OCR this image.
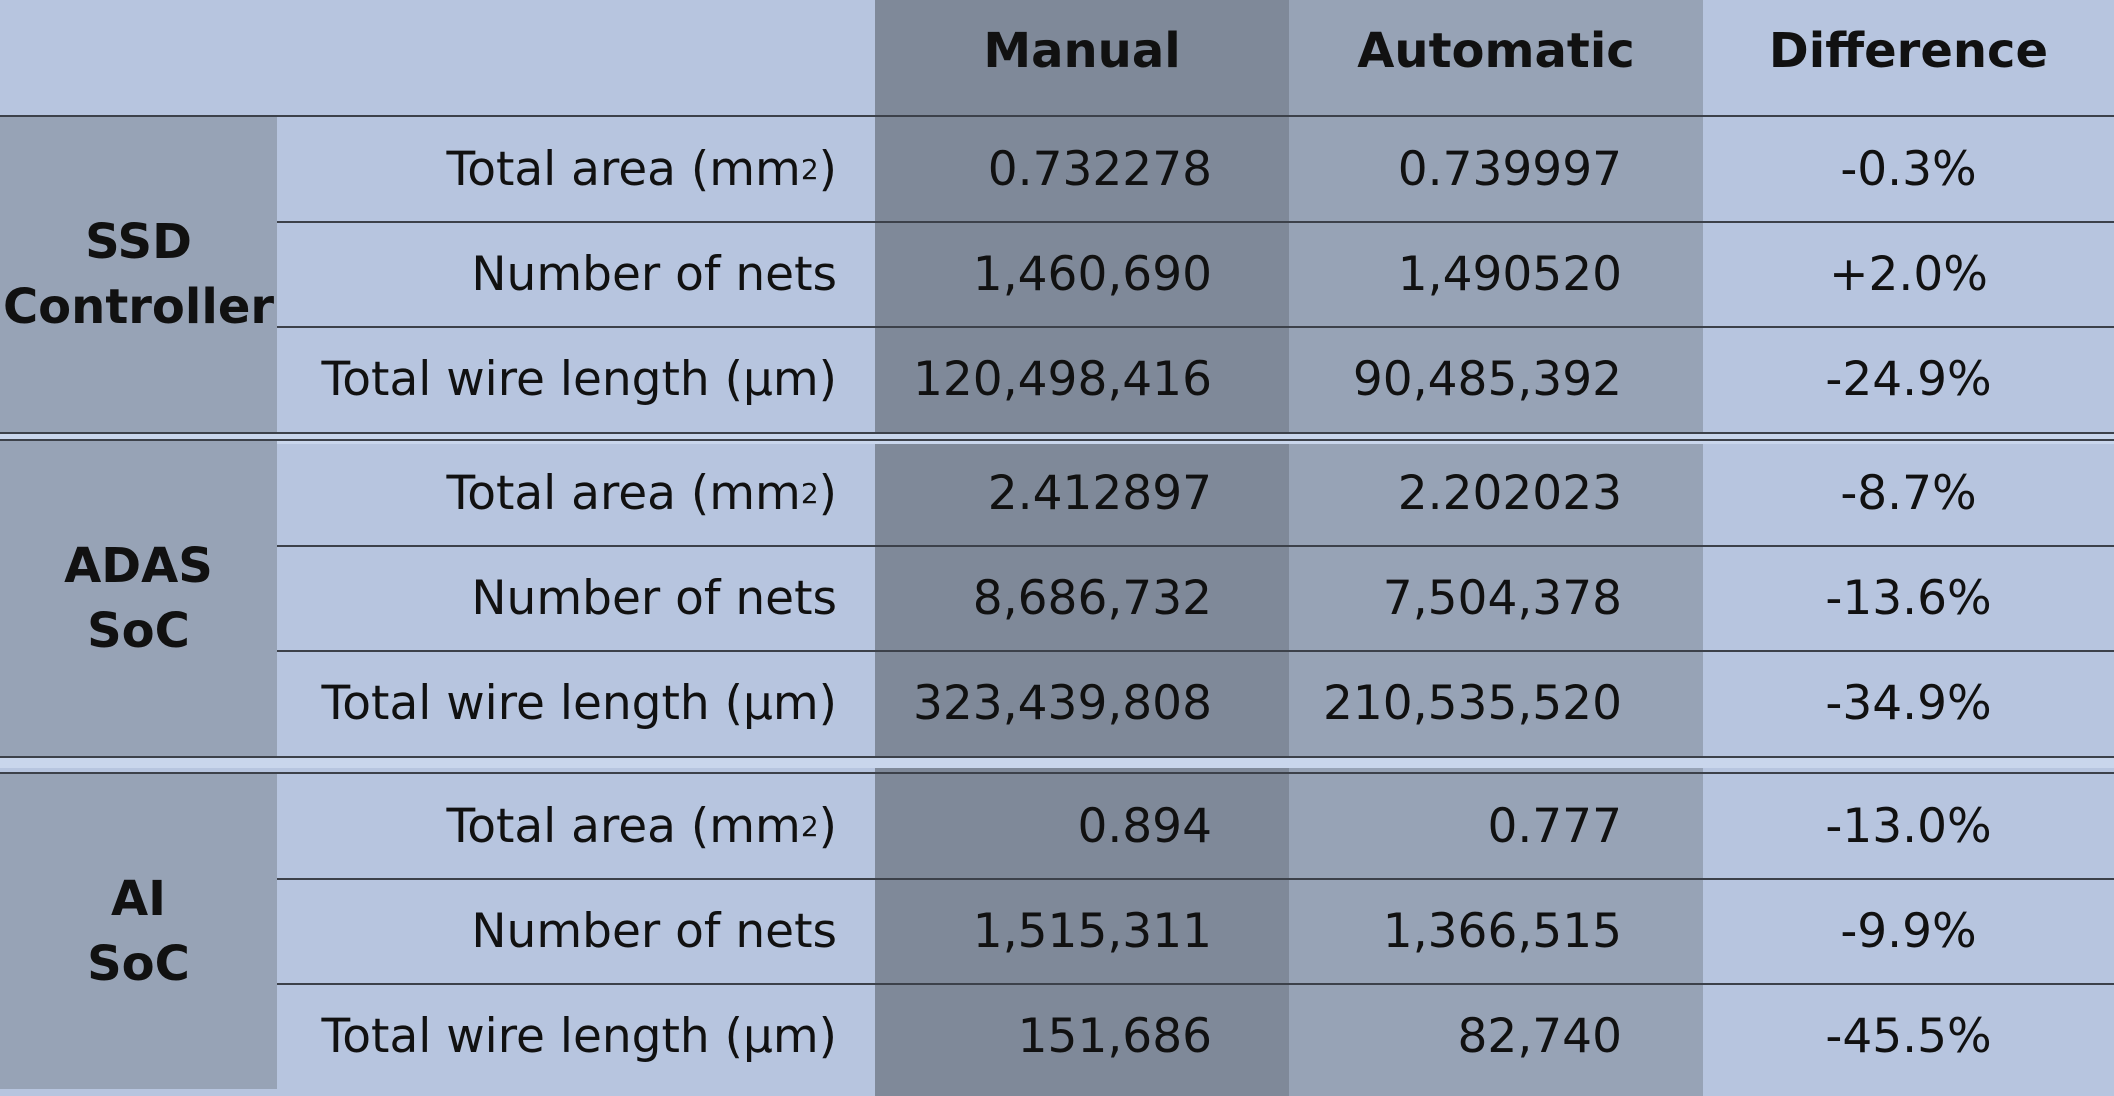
Manual	Automatic	Difference
SSD
Controller
Total area (mm 2 )	0.732278	0.739997	-0.3%
Number of nets	1,460,690	1,490520	+2.0%
Total wire length (µm)	120,498,416	90,485,392	-24.9%
ADAS
SoC
Total area (mm 2 )	2.412897	2.202023	-8.7%
Number of nets	8,686,732	7,504,378	-13.6%
Total wire length (µm)	323,439,808	210,535,520	-34.9%
AI
SoC
Total area (mm 2 )	0.894	0.777	-13.0%
Number of nets	1,515,311	1,366,515	-9.9%
Total wire length (µm)	151,686	82,740	-45.5%
